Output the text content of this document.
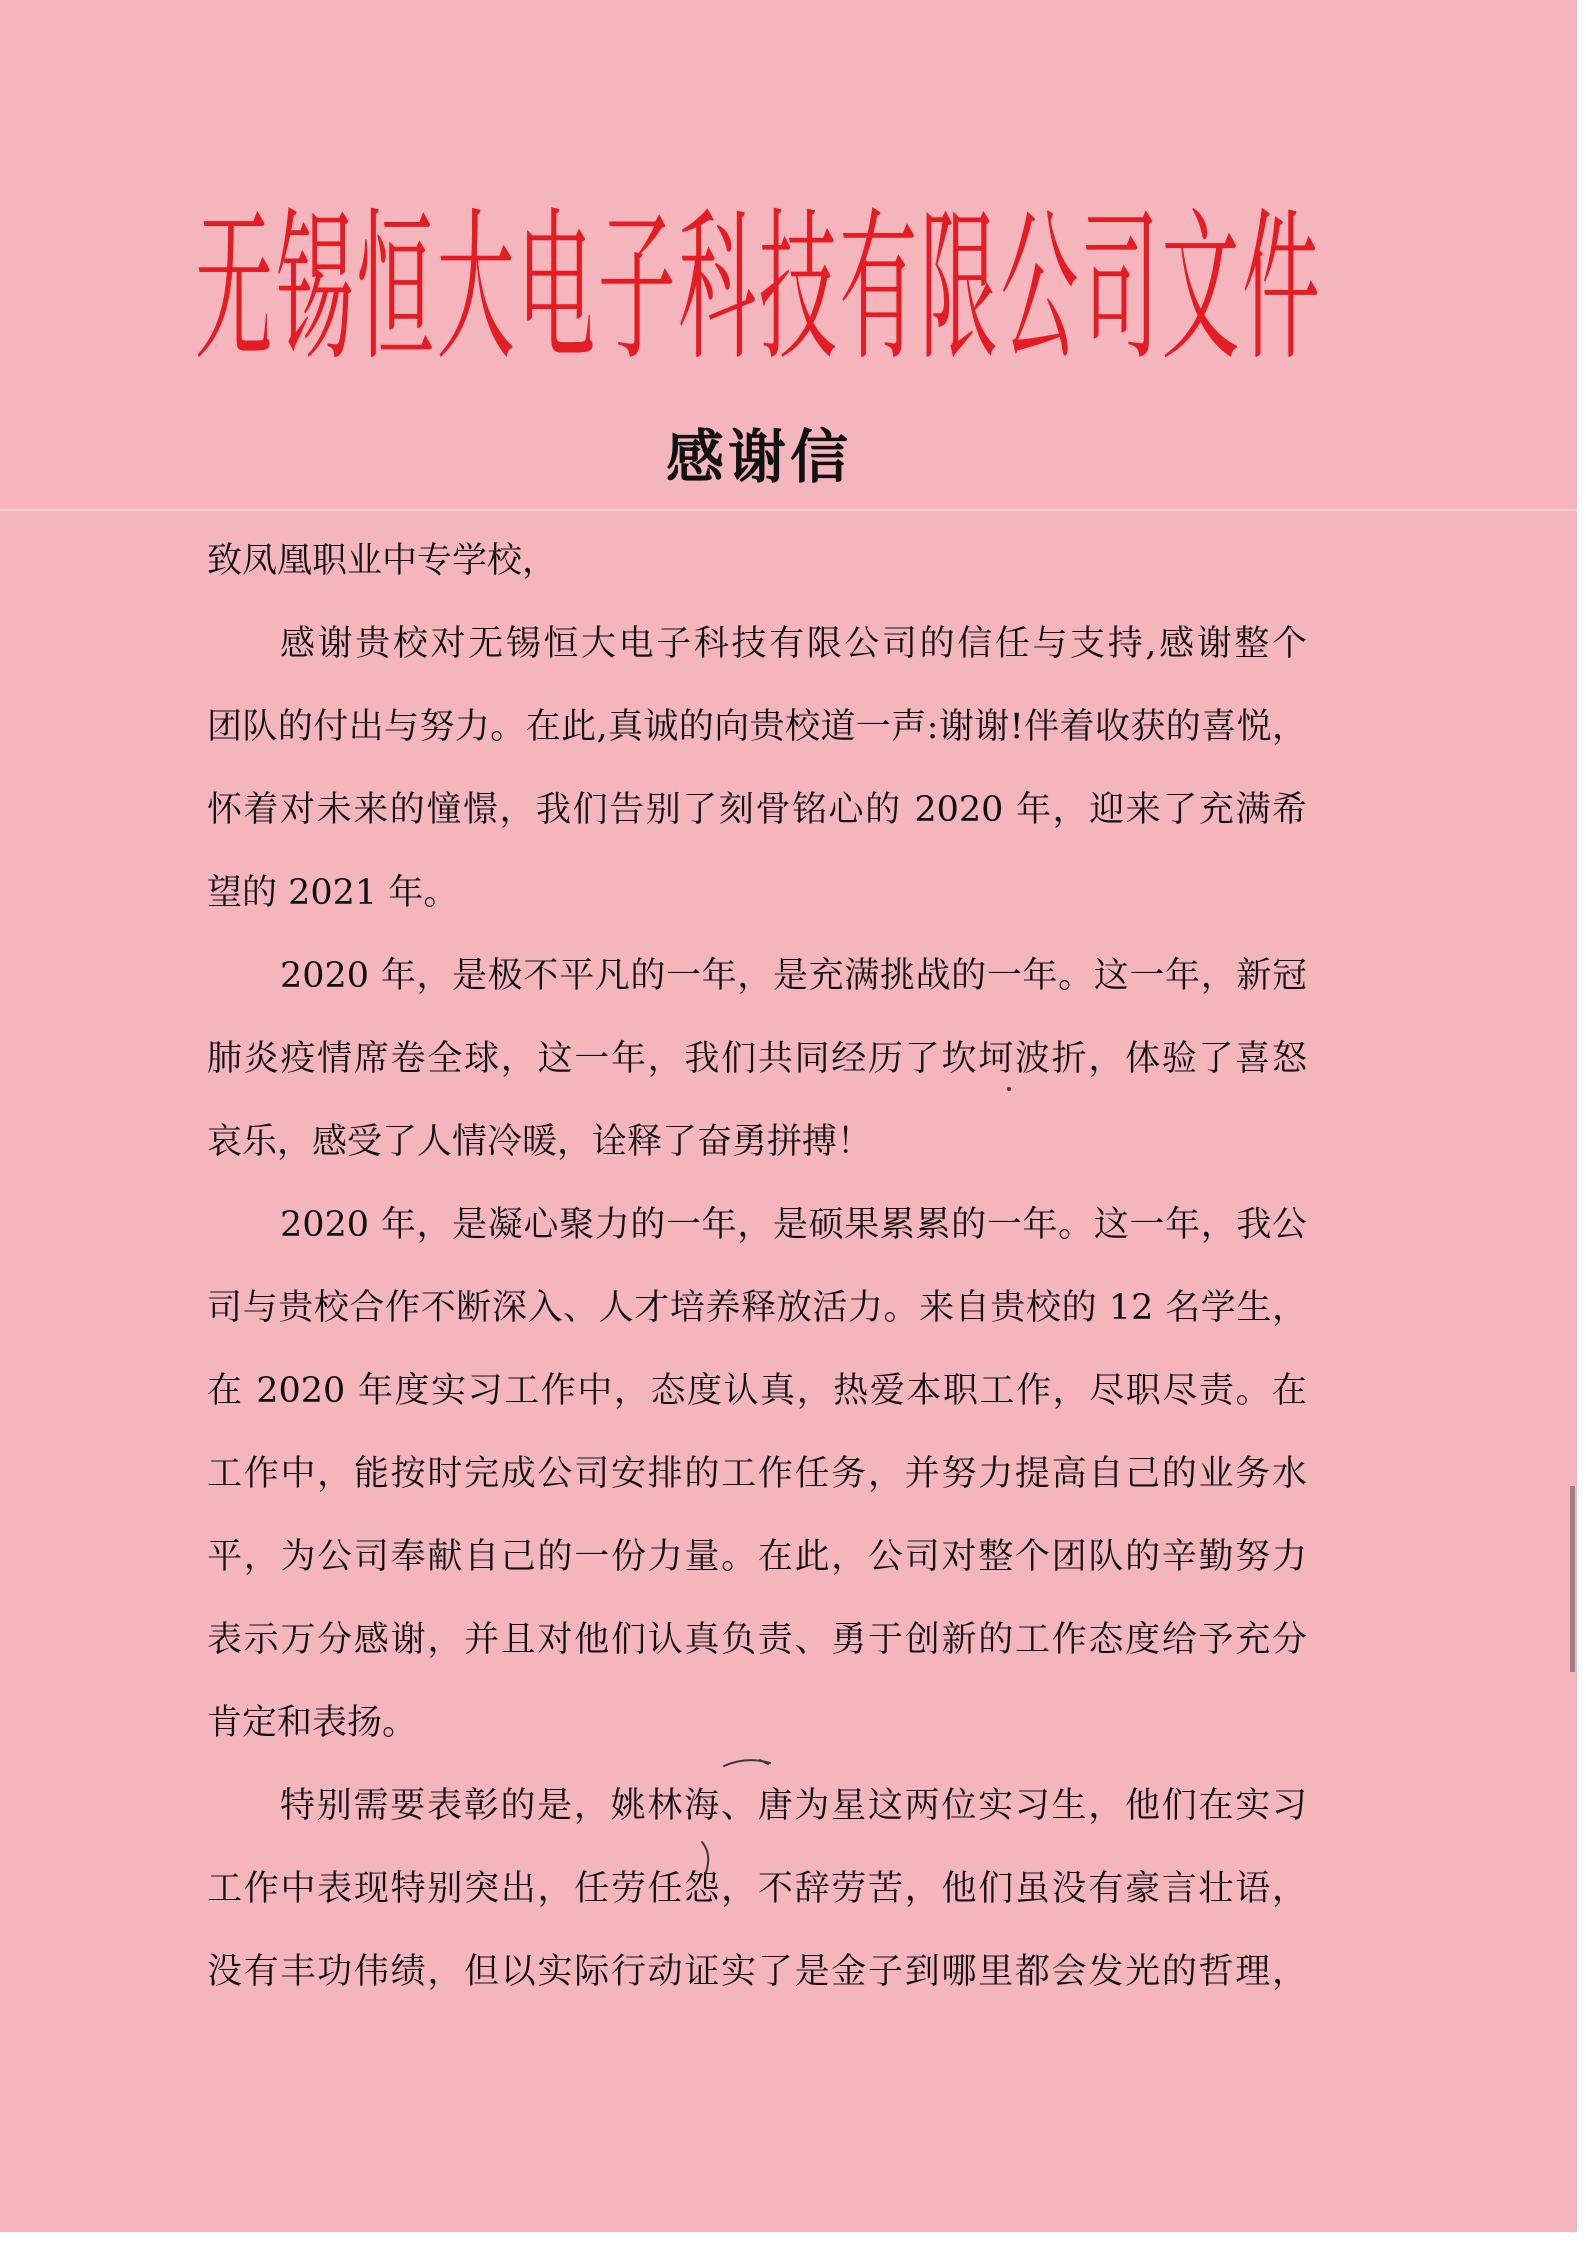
无锡恒大电子科技有限公司文件
感谢信
致凤凰职业中专学校，
感谢贵校对无锡恒大电子科技有限公司的信任与支持,感谢整个
团队的付出与努力。在此,真诚的向贵校道一声:谢谢!伴着收获的喜悦，
怀着对未来的憧憬，我们告别了刻骨铭心的 2020 年，迎来了充满希
望的 2021 年。
2020 年，是极不平凡的一年，是充满挑战的一年。这一年，新冠
肺炎疫情席卷全球，这一年，我们共同经历了坎坷波折，体验了喜怒
哀乐，感受了人情冷暖，诠释了奋勇拼搏！
2020 年，是凝心聚力的一年，是硕果累累的一年。这一年，我公
司与贵校合作不断深入、人才培养释放活力。来自贵校的 12 名学生，
在 2020 年度实习工作中，态度认真，热爱本职工作，尽职尽责。在
工作中，能按时完成公司安排的工作任务，并努力提高自己的业务水
平，为公司奉献自己的一份力量。在此，公司对整个团队的辛勤努力
表示万分感谢，并且对他们认真负责、勇于创新的工作态度给予充分
肯定和表扬。
特别需要表彰的是，姚林海、唐为星这两位实习生，他们在实习
工作中表现特别突出，任劳任怨，不辞劳苦，他们虽没有豪言壮语，
没有丰功伟绩，但以实际行动证实了是金子到哪里都会发光的哲理，
